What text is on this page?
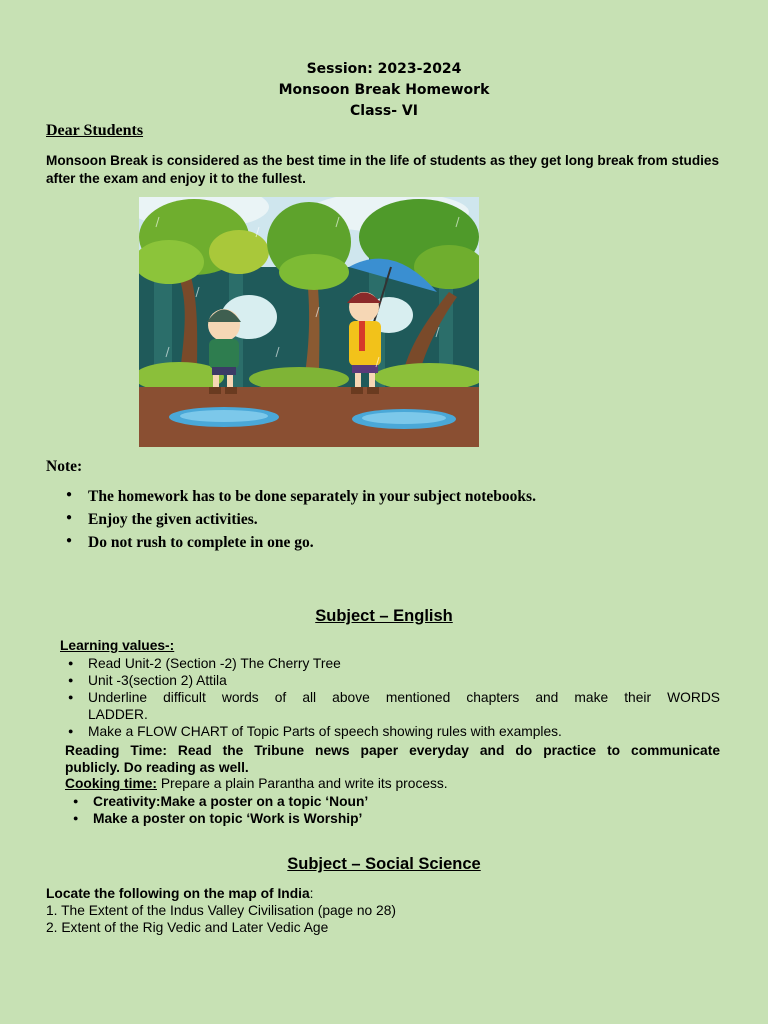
Session: 2023-2024
Monsoon Break Homework
Class- VI
Dear Students
Monsoon Break is considered as the best time in the life of students as they get long break from studies after the exam and enjoy it to the fullest.
Note:
● The homework has to be done separately in your subject notebooks.
● Enjoy the given activities.
● Do not rush to complete in one go.
Subject – English
Learning values-:
● Read Unit-2 (Section -2) The Cherry Tree
● Unit -3(section 2) Attila
● Underline difficult words of all above mentioned chapters and make their WORDS
LADDER.
● Make a FLOW CHART of Topic Parts of speech showing rules with examples.
Reading Time: Read the Tribune news paper everyday and do practice to communicate
publicly. Do reading as well.
Cooking time: Prepare a plain Parantha and write its process.
● Creativity:Make a poster on a topic ‘Noun’
● Make a poster on topic ‘Work is Worship’
Subject – Social Science
Locate the following on the map of India:
1. The Extent of the Indus Valley Civilisation (page no 28)
2. Extent of the Rig Vedic and Later Vedic Age
